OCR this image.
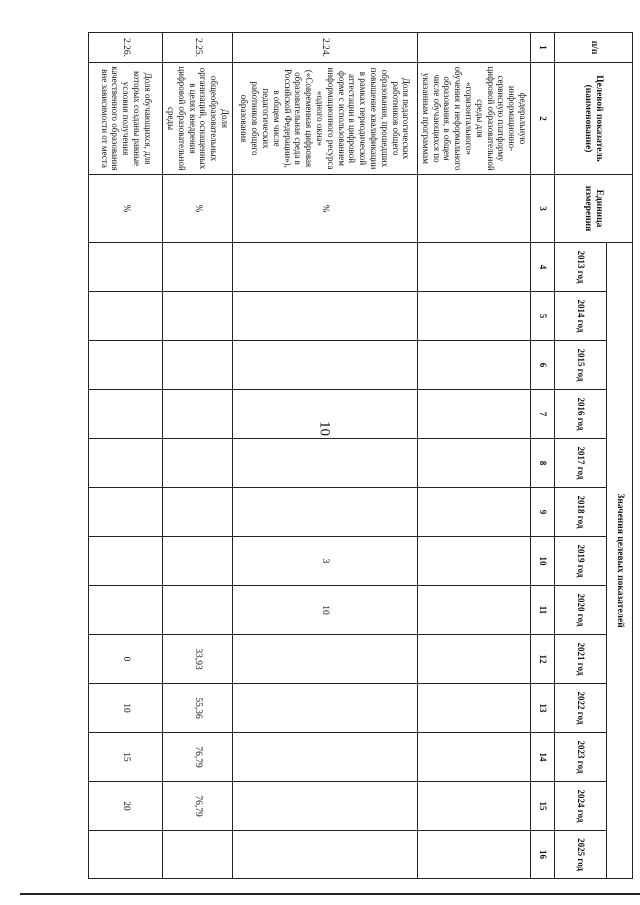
10
п/п	Целевой показатель (наименование)	Единица измерения	Значения целевых показателей												
			2013 год	2014 год	2015 год	2016 год	2017 год	2018 год	2019 год	2020 год	2021 год	2022 год	2023 год	2024 год	2025 год
1	2	3	4	5	6	7	8	9	10	11	12	13	14	15	16
	федеральную информационно-сервисную платформу цифровой образовательной среды для «горизонтального» обучения и неформального образования, в общем числе обучающихся по указанным программам														
2.24.	Доля педагогических работников общего образования, прошедших повышение квалификации в рамках периодической аттестации в цифровой форме с использованием информационного ресурса «одного окна» («Современная цифровая образовательная среда в Российской Федерации»), в общем числе педагогических работников общего образования	%							3	10					
2.25.	Доля общеобразовательных организаций, оснащенных в целях внедрения цифровой образовательной среды	%									33,93	55,36	76,79	76,79	
2.26.	Доля обучающихся, для которых созданы равные условия получения качественного образования вне зависимости от места	%									0	10	15	20	
